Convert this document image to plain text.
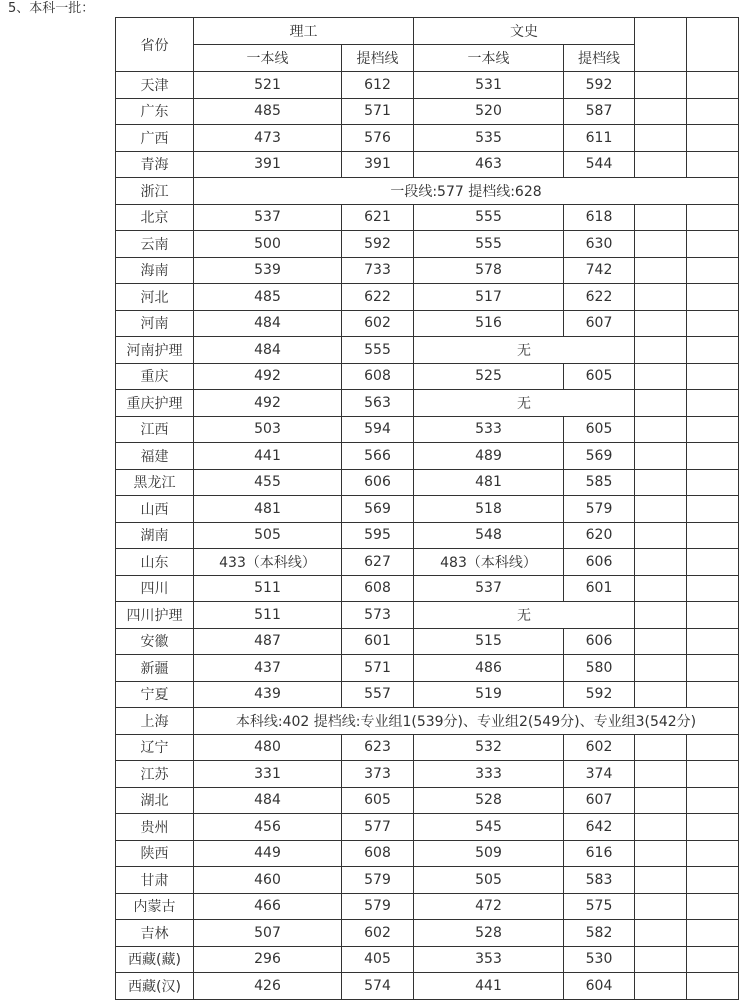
5、本科一批：
省份	理工		文史			
	一本线	提档线	一本线	提档线		
天津	521	612	531	592		
广东	485	571	520	587		
广西	473	576	535	611		
青海	391	391	463	544		
浙江	一段线:577 提档线:628					
北京	537	621	555	618		
云南	500	592	555	630		
海南	539	733	578	742		
河北	485	622	517	622		
河南	484	602	516	607		
河南护理	484	555	无			
重庆	492	608	525	605		
重庆护理	492	563	无			
江西	503	594	533	605		
福建	441	566	489	569		
黑龙江	455	606	481	585		
山西	481	569	518	579		
湖南	505	595	548	620		
山东	433（本科线）	627	483（本科线）	606		
四川	511	608	537	601		
四川护理	511	573	无			
安徽	487	601	515	606		
新疆	437	571	486	580		
宁夏	439	557	519	592		
上海	本科线:402 提档线:专业组1(539分)、专业组2(549分)、专业组3(542分)					
辽宁	480	623	532	602		
江苏	331	373	333	374		
湖北	484	605	528	607		
贵州	456	577	545	642		
陕西	449	608	509	616		
甘肃	460	579	505	583		
内蒙古	466	579	472	575		
吉林	507	602	528	582		
西藏(藏)	296	405	353	530		
西藏(汉)	426	574	441	604		
